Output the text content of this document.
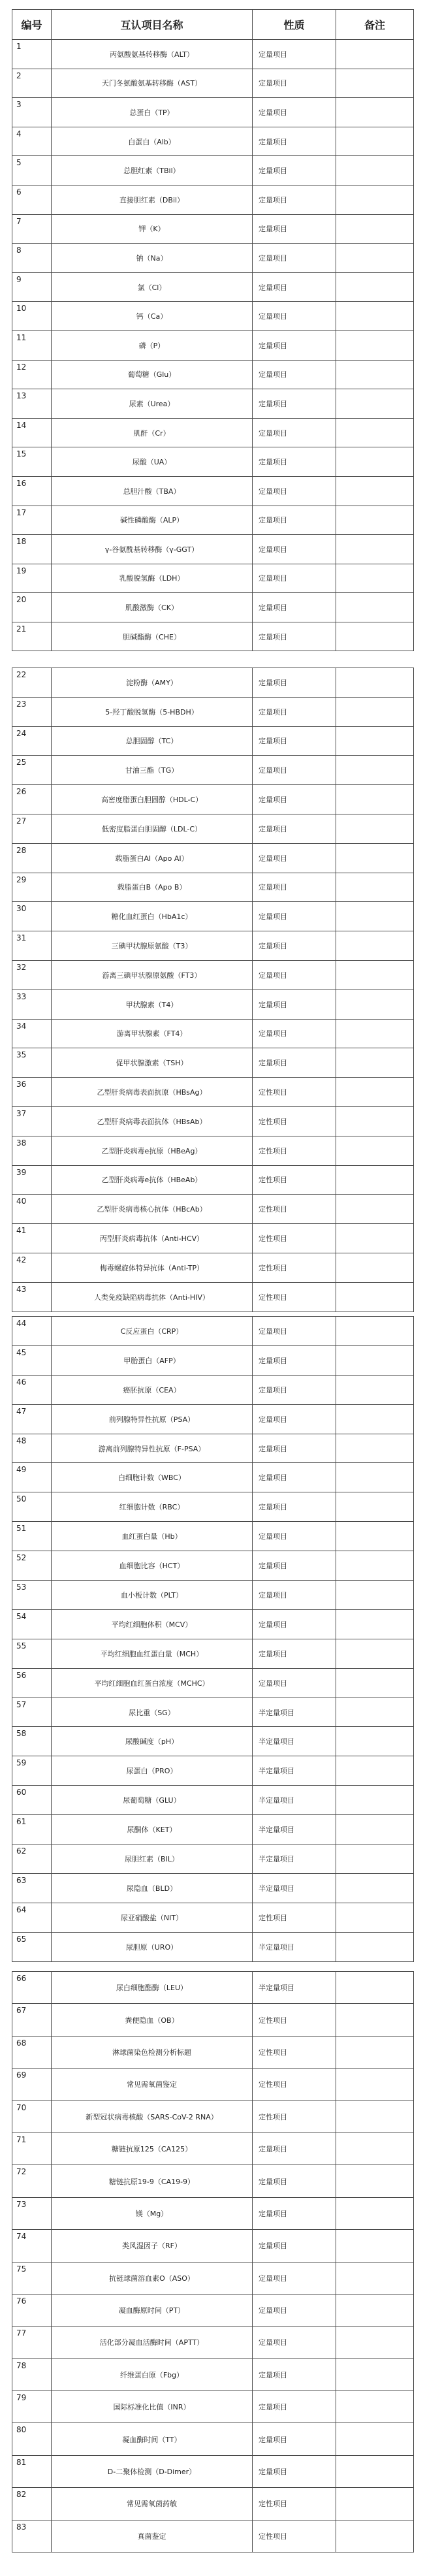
编号	互认项目名称	性质	备注
1	丙氨酸氨基转移酶（ALT）	定量项目	
2	天门冬氨酸氨基转移酶（AST）	定量项目	
3	总蛋白（TP）	定量项目	
4	白蛋白（Alb）	定量项目	
5	总胆红素（TBil）	定量项目	
6	直接胆红素（DBil）	定量项目	
7	钾（K）	定量项目	
8	钠（Na）	定量项目	
9	氯（Cl）	定量项目	
10	钙（Ca）	定量项目	
11	磷（P）	定量项目	
12	葡萄糖（Glu）	定量项目	
13	尿素（Urea）	定量项目	
14	肌酐（Cr）	定量项目	
15	尿酸（UA）	定量项目	
16	总胆汁酸（TBA）	定量项目	
17	碱性磷酸酶（ALP）	定量项目	
18	γ-谷氨酰基转移酶（γ-GGT）	定量项目	
19	乳酸脱氢酶（LDH）	定量项目	
20	肌酸激酶（CK）	定量项目	
21	胆碱酯酶（CHE）	定量项目	
22	淀粉酶（AMY）	定量项目	
23	5-羟丁酸脱氢酶（5-HBDH）	定量项目	
24	总胆固醇（TC）	定量项目	
25	甘油三酯（TG）	定量项目	
26	高密度脂蛋白胆固醇（HDL-C）	定量项目	
27	低密度脂蛋白胆固醇（LDL-C）	定量项目	
28	载脂蛋白AⅠ（Apo AⅠ）	定量项目	
29	载脂蛋白B（Apo B）	定量项目	
30	糖化血红蛋白（HbA1c）	定量项目	
31	三碘甲状腺原氨酸（T3）	定量项目	
32	游离三碘甲状腺原氨酸（FT3）	定量项目	
33	甲状腺素（T4）	定量项目	
34	游离甲状腺素（FT4）	定量项目	
35	促甲状腺激素（TSH）	定量项目	
36	乙型肝炎病毒表面抗原（HBsAg）	定性项目	
37	乙型肝炎病毒表面抗体（HBsAb）	定性项目	
38	乙型肝炎病毒e抗原（HBeAg）	定性项目	
39	乙型肝炎病毒e抗体（HBeAb）	定性项目	
40	乙型肝炎病毒核心抗体（HBcAb）	定性项目	
41	丙型肝炎病毒抗体（Anti-HCV）	定性项目	
42	梅毒螺旋体特异抗体（Anti-TP）	定性项目	
43	人类免疫缺陷病毒抗体（Anti-HIV）	定性项目	
44	C反应蛋白（CRP）	定量项目	
45	甲胎蛋白（AFP）	定量项目	
46	癌胚抗原（CEA）	定量项目	
47	前列腺特异性抗原（PSA）	定量项目	
48	游离前列腺特异性抗原（F-PSA）	定量项目	
49	白细胞计数（WBC）	定量项目	
50	红细胞计数（RBC）	定量项目	
51	血红蛋白量（Hb）	定量项目	
52	血细胞比容（HCT）	定量项目	
53	血小板计数（PLT）	定量项目	
54	平均红细胞体积（MCV）	定量项目	
55	平均红细胞血红蛋白量（MCH）	定量项目	
56	平均红细胞血红蛋白浓度（MCHC）	定量项目	
57	尿比重（SG）	半定量项目	
58	尿酸碱度（pH）	半定量项目	
59	尿蛋白（PRO）	半定量项目	
60	尿葡萄糖（GLU）	半定量项目	
61	尿酮体（KET）	半定量项目	
62	尿胆红素（BIL）	半定量项目	
63	尿隐血（BLD）	半定量项目	
64	尿亚硝酸盐（NIT）	定性项目	
65	尿胆原（URO）	半定量项目	
66	尿白细胞酯酶（LEU）	半定量项目	
67	粪便隐血（OB）	定性项目	
68	淋球菌染色检测分析标题	定性项目	
69	常见需氧菌鉴定	定性项目	
70	新型冠状病毒核酸（SARS-CoV-2 RNA）	定性项目	
71	糖链抗原125（CA125）	定量项目	
72	糖链抗原19-9（CA19-9）	定量项目	
73	镁（Mg）	定量项目	
74	类风湿因子（RF）	定量项目	
75	抗链球菌溶血素O（ASO）	定量项目	
76	凝血酶原时间（PT）	定量项目	
77	活化部分凝血活酶时间（APTT）	定量项目	
78	纤维蛋白原（Fbg）	定量项目	
79	国际标准化比值（INR）	定量项目	
80	凝血酶时间（TT）	定量项目	
81	D-二聚体检测（D-Dimer）	定量项目	
82	常见需氧菌药敏	定性项目	
83	真菌鉴定	定性项目	
